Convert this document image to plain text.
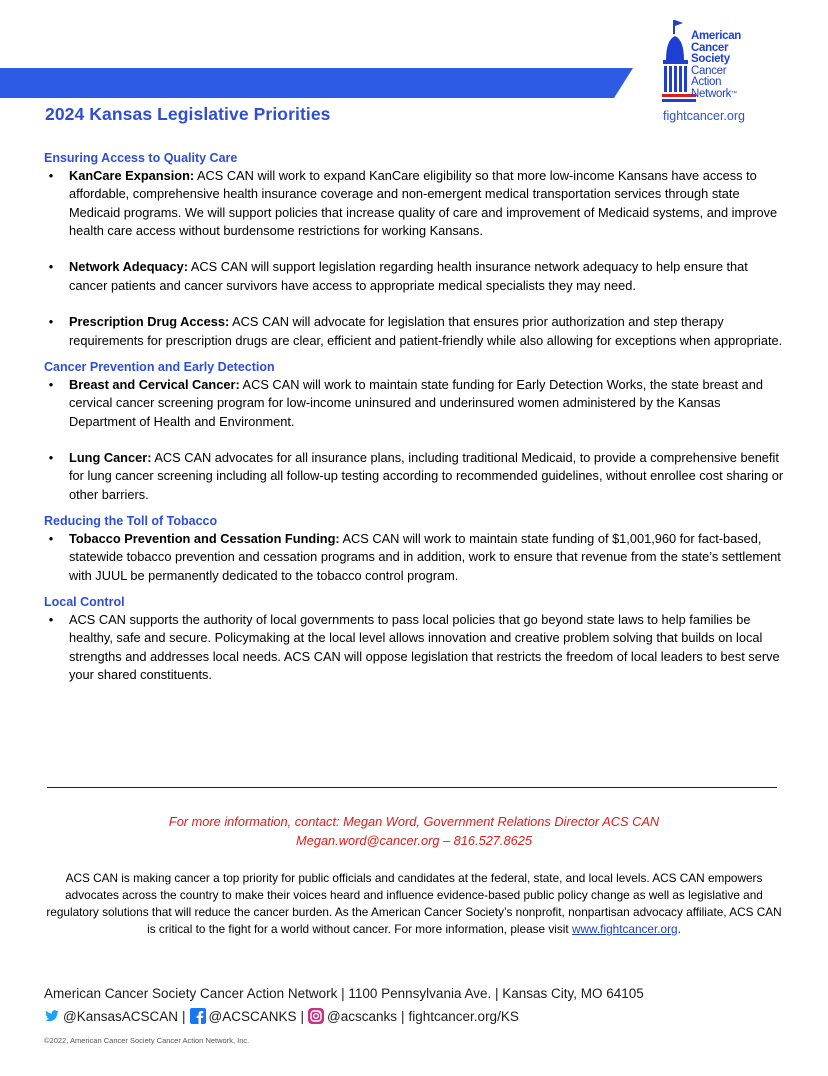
2024 Kansas Legislative Priorities
American
Cancer
Society
Cancer
Action
Network™
fightcancer.org
Ensuring Access to Quality Care
•	KanCare Expansion: ACS CAN will work to expand KanCare eligibility so that more low-income Kansans have access to affordable, comprehensive health insurance coverage and non-emergent medical transportation services through state Medicaid programs. We will support policies that increase quality of care and improvement of Medicaid systems, and improve health care access without burdensome restrictions for working Kansans.
•	Network Adequacy: ACS CAN will support legislation regarding health insurance network adequacy to help ensure that cancer patients and cancer survivors have access to appropriate medical specialists they may need.
•	Prescription Drug Access: ACS CAN will advocate for legislation that ensures prior authorization and step therapy requirements for prescription drugs are clear, efficient and patient-friendly while also allowing for exceptions when appropriate.
Cancer Prevention and Early Detection
•	Breast and Cervical Cancer: ACS CAN will work to maintain state funding for Early Detection Works, the state breast and cervical cancer screening program for low-income uninsured and underinsured women administered by the Kansas Department of Health and Environment.
•	Lung Cancer: ACS CAN advocates for all insurance plans, including traditional Medicaid, to provide a comprehensive benefit for lung cancer screening including all follow-up testing according to recommended guidelines, without enrollee cost sharing or other barriers.
Reducing the Toll of Tobacco
•	Tobacco Prevention and Cessation Funding: ACS CAN will work to maintain state funding of $1,001,960 for fact-based, statewide tobacco prevention and cessation programs and in addition, work to ensure that revenue from the state’s settlement with JUUL be permanently dedicated to the tobacco control program.
Local Control
•	ACS CAN supports the authority of local governments to pass local policies that go beyond state laws to help families be healthy, safe and secure. Policymaking at the local level allows innovation and creative problem solving that builds on local strengths and addresses local needs. ACS CAN will oppose legislation that restricts the freedom of local leaders to best serve your shared constituents.
For more information, contact: Megan Word, Government Relations Director ACS CAN
Megan.word@cancer.org – 816.527.8625
ACS CAN is making cancer a top priority for public officials and candidates at the federal, state, and local levels. ACS CAN empowers advocates across the country to make their voices heard and influence evidence-based public policy change as well as legislative and regulatory solutions that will reduce the cancer burden. As the American Cancer Society’s nonprofit, nonpartisan advocacy affiliate, ACS CAN is critical to the fight for a world without cancer. For more information, please visit www.fightcancer.org.
American Cancer Society Cancer Action Network | 1100 Pennsylvania Ave. | Kansas City, MO 64105
@KansasACSCAN | @ACSCANKS | @acscanks | fightcancer.org/KS
©2022, American Cancer Society Cancer Action Network, Inc.
